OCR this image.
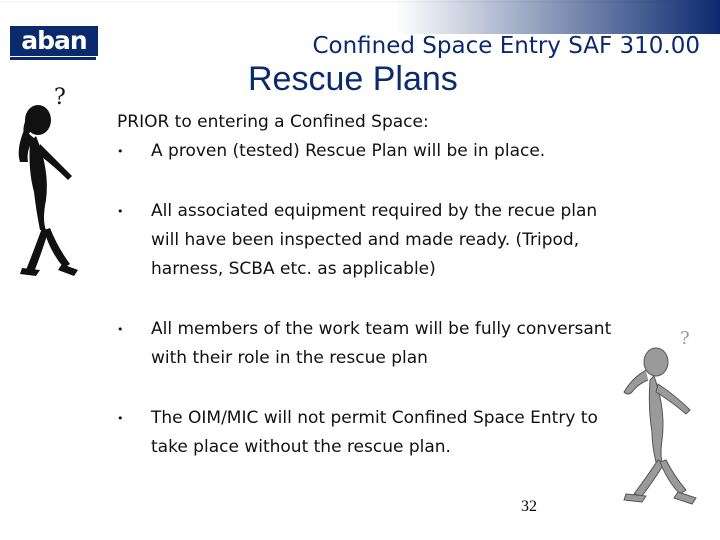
aban	Confined Space Entry SAF 310.00
Rescue Plans
?
?

PRIOR to entering a Confined Space:

• A proven (tested) Rescue Plan will be in place.
• All associated equipment required by the recue plan will have been inspected and made ready. (Tripod, harness, SCBA etc. as applicable)
• All members of the work team will be fully conversant with their role in the rescue plan
• The OIM/MIC will not permit Confined Space Entry to take place without the rescue plan.
32
